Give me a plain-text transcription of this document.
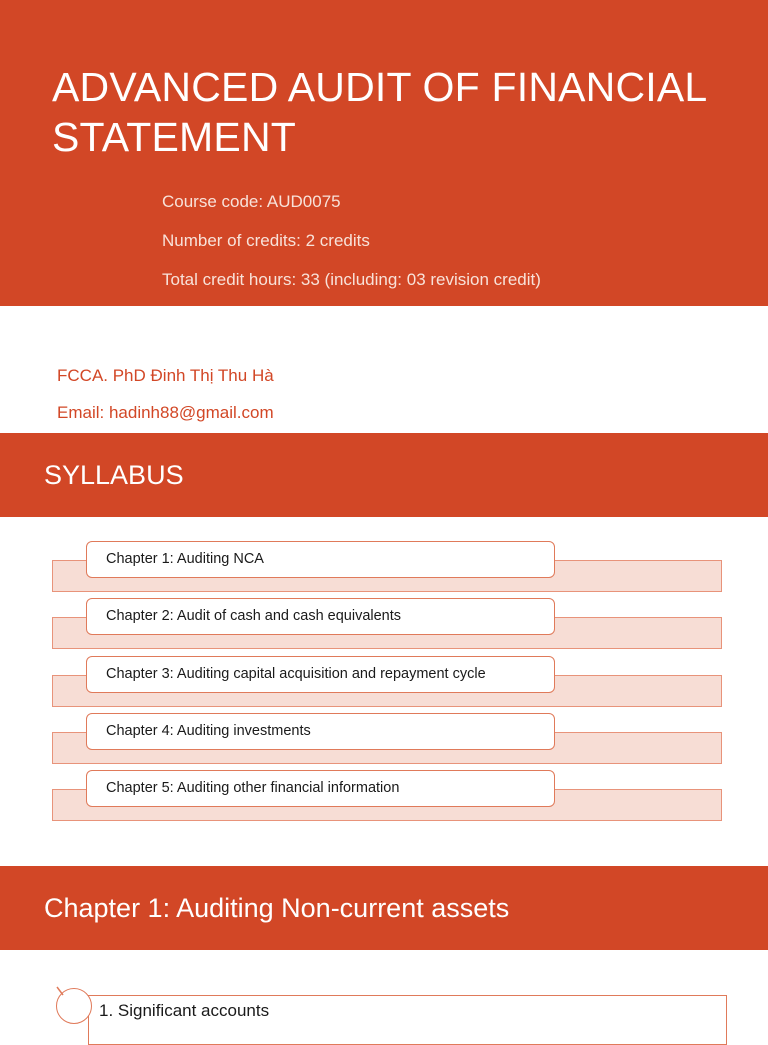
ADVANCED AUDIT OF FINANCIAL
STATEMENT
Course code: AUD0075
Number of credits: 2 credits
Total credit hours: 33 (including: 03 revision credit)
FCCA. PhD Đinh Thị Thu Hà
Email: hadinh88@gmail.com
SYLLABUS
Chapter 1: Auditing NCA
Chapter 2: Audit of cash and cash equivalents
Chapter 3: Auditing capital acquisition and repayment cycle
Chapter 4: Auditing investments
Chapter 5: Auditing other financial information
Chapter 1: Auditing Non-current assets
1. Significant accounts
